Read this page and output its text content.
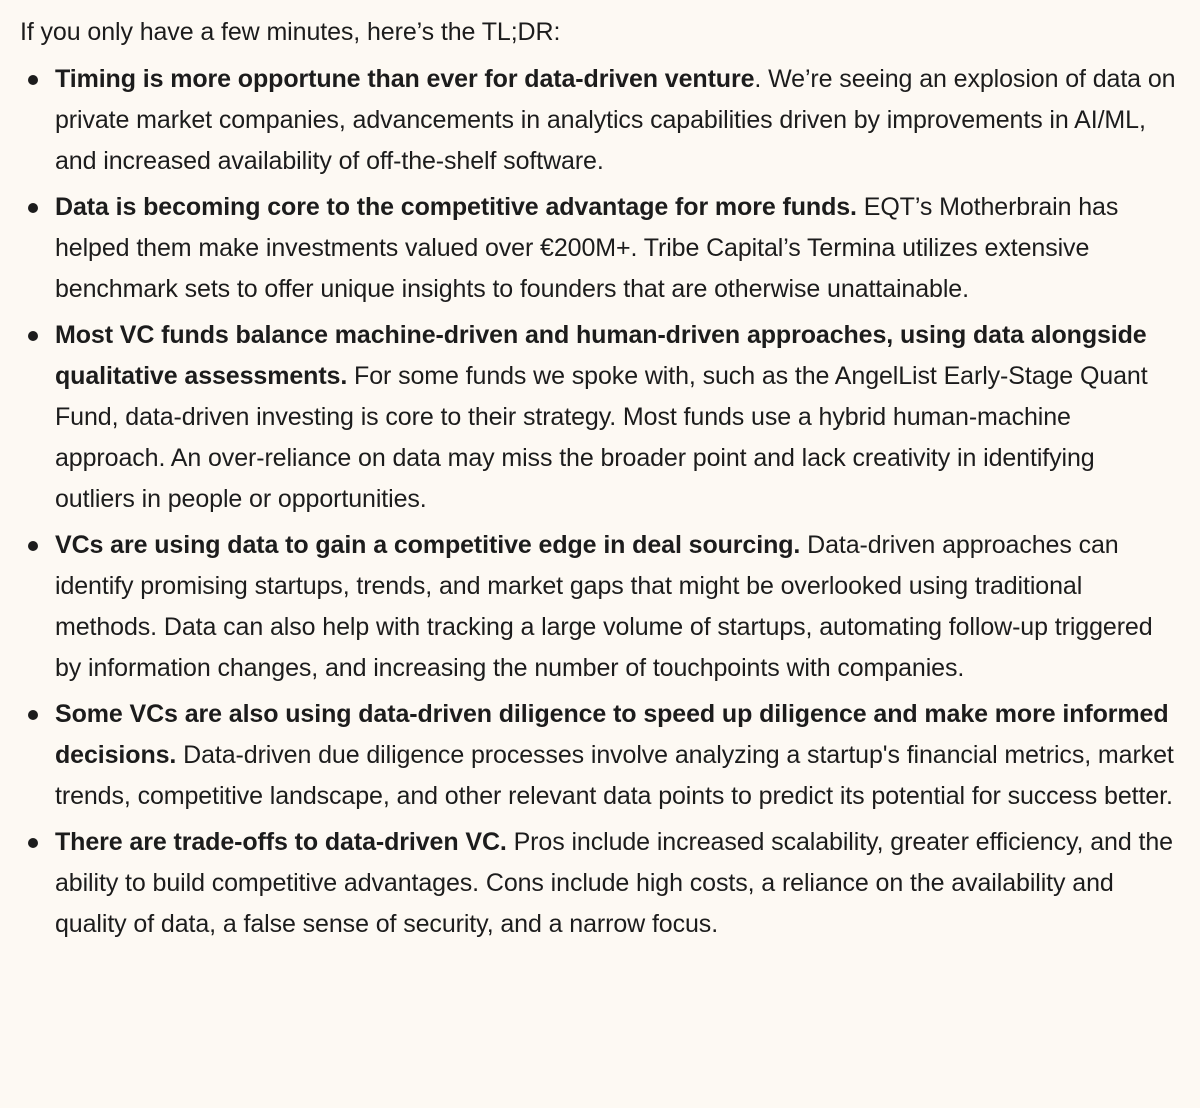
If you only have a few minutes, here’s the TL;DR:

Timing is more opportune than ever for data-driven venture. We’re seeing an explosion of data on private market companies, advancements in analytics capabilities driven by improvements in AI/ML, and increased availability of off-the-shelf software.
Data is becoming core to the competitive advantage for more funds. EQT’s Motherbrain has helped them make investments valued over €200M+. Tribe Capital’s Termina utilizes extensive benchmark sets to offer unique insights to founders that are otherwise unattainable.
Most VC funds balance machine-driven and human-driven approaches, using data alongside qualitative assessments. For some funds we spoke with, such as the AngelList Early-Stage Quant Fund, data-driven investing is core to their strategy. Most funds use a hybrid human-machine approach. An over-reliance on data may miss the broader point and lack creativity in identifying outliers in people or opportunities.
VCs are using data to gain a competitive edge in deal sourcing. Data-driven approaches can identify promising startups, trends, and market gaps that might be overlooked using traditional methods. Data can also help with tracking a large volume of startups, automating follow-up triggered by information changes, and increasing the number of touchpoints with companies.
Some VCs are also using data-driven diligence to speed up diligence and make more informed decisions. Data-driven due diligence processes involve analyzing a startup's financial metrics, market trends, competitive landscape, and other relevant data points to predict its potential for success better.
There are trade-offs to data-driven VC. Pros include increased scalability, greater efficiency, and the ability to build competitive advantages. Cons include high costs, a reliance on the availability and quality of data, a false sense of security, and a narrow focus.
